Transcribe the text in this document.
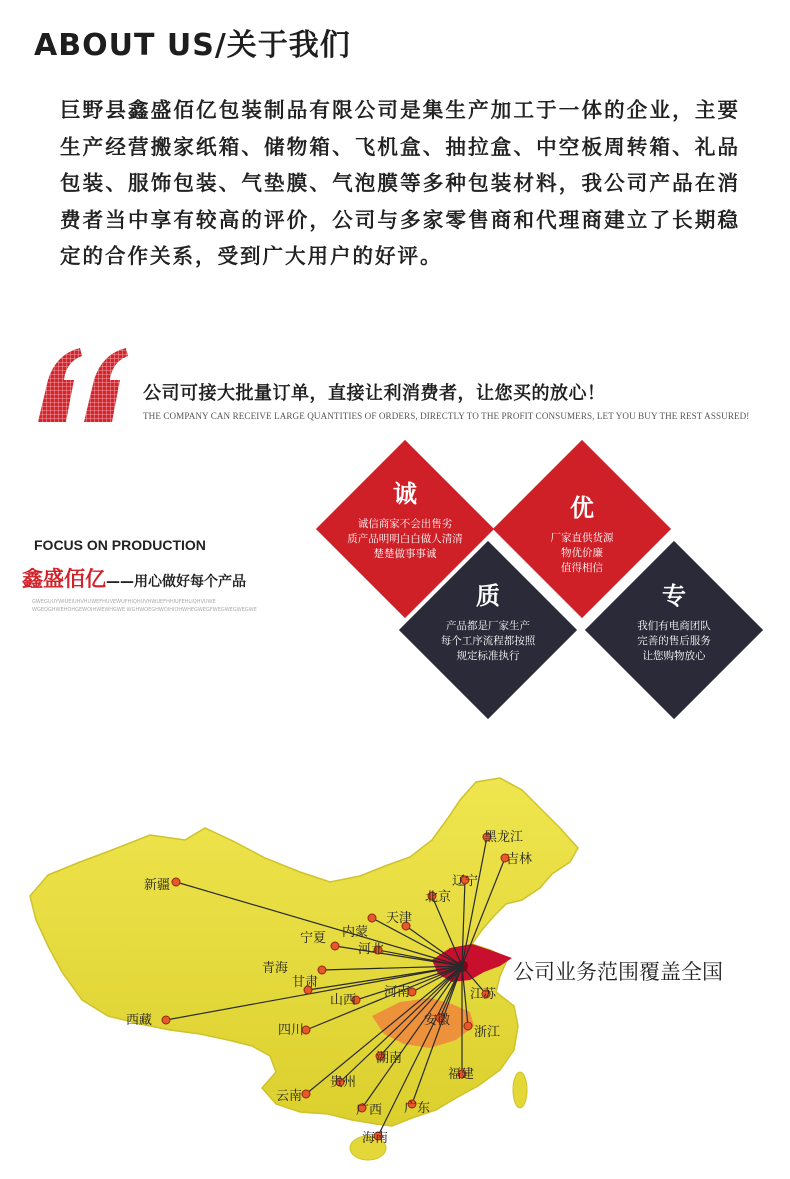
ABOUT US/关于我们
巨野县鑫盛佰亿包装制品有限公司是集生产加工于一体的企业，主要生产经营搬家纸箱、储物箱、飞机盒、抽拉盒、中空板周转箱、礼品包装、服饰包装、气垫膜、气泡膜等多种包装材料，我公司产品在消费者当中享有较高的评价，公司与多家零售商和代理商建立了长期稳定的合作关系，受到广大用户的好评。
公司可接大批量订单，直接让利消费者，让您买的放心！
THE COMPANY CAN RECEIVE LARGE QUANTITIES OF ORDERS, DIRECTLY TO THE PROFIT CONSUMERS, LET YOU BUY THE REST ASSURED!
FOCUS ON PRODUCTION
鑫盛佰亿——用心做好每个产品
GWEGUUYWIUEIUHVHUWEFHUVEWUFHIQHUVHWUEFHHIUFEHLIQHVUWE WGEQGHWEHOHGEWOIHWEWHGWE WGHWOEGHWOIHIOHWHEGWEGFWEGWEGWEGWE
诚
诚信商家不会出售劣
质产品明明白白做人清清
楚楚做事事诚
优
厂家直供货源
物优价廉
值得相信
质
产品都是厂家生产
每个工序流程都按照
规定标准执行
专
我们有电商团队
完善的售后服务
让您购物放心
黑龙江
吉林
辽宁
北京
新疆
内蒙
天津
宁夏
河北
青海
甘肃
山西
河南	江苏
西藏
四川
安徽
浙江
湖南
福建
贵州
云南
广西 广东
海南
公司业务范围覆盖全国
